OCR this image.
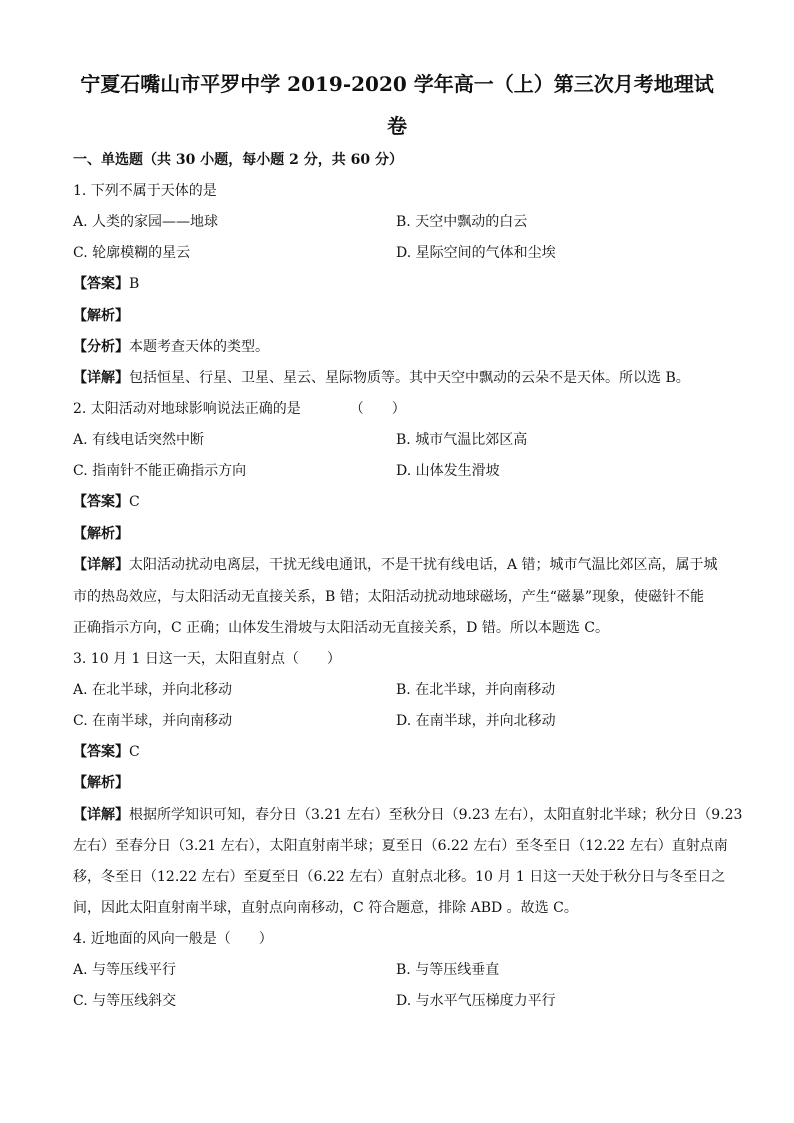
宁夏石嘴山市平罗中学 2019-2020 学年高一（上）第三次月考地理试
卷
一、单选题（共 30 小题，每小题 2 分，共 60 分）
1. 下列不属于天体的是
A. 人类的家园——地球	B. 天空中飘动的白云
C. 轮廓模糊的星云	D. 星际空间的气体和尘埃
【答案】B
【解析】
【分析】本题考查天体的类型。
【详解】包括恒星、行星、卫星、星云、星际物质等。其中天空中飘动的云朵不是天体。所以选 B。
2. 太阳活动对地球影响说法正确的是　　　　（　　）
A. 有线电话突然中断	B. 城市气温比郊区高
C. 指南针不能正确指示方向	D. 山体发生滑坡
【答案】C
【解析】
【详解】太阳活动扰动电离层，干扰无线电通讯，不是干扰有线电话，A 错；城市气温比郊区高，属于城
市的热岛效应，与太阳活动无直接关系，B 错；太阳活动扰动地球磁场，产生“磁暴”现象，使磁针不能
正确指示方向，C 正确；山体发生滑坡与太阳活动无直接关系，D 错。所以本题选 C。
3. 10 月 1 日这一天，太阳直射点（　　）
A. 在北半球，并向北移动	B. 在北半球，并向南移动
C. 在南半球，并向南移动	D. 在南半球，并向北移动
【答案】C
【解析】
【详解】根据所学知识可知，春分日（3.21 左右）至秋分日（9.23 左右），太阳直射北半球；秋分日（9.23
左右）至春分日（3.21 左右），太阳直射南半球；夏至日（6.22 左右）至冬至日（12.22 左右）直射点南
移，冬至日（12.22 左右）至夏至日（6.22 左右）直射点北移。10 月 1 日这一天处于秋分日与冬至日之
间，因此太阳直射南半球，直射点向南移动，C 符合题意，排除 ABD 。故选 C。
4. 近地面的风向一般是（　　）
A. 与等压线平行	B. 与等压线垂直
C. 与等压线斜交	D. 与水平气压梯度力平行
